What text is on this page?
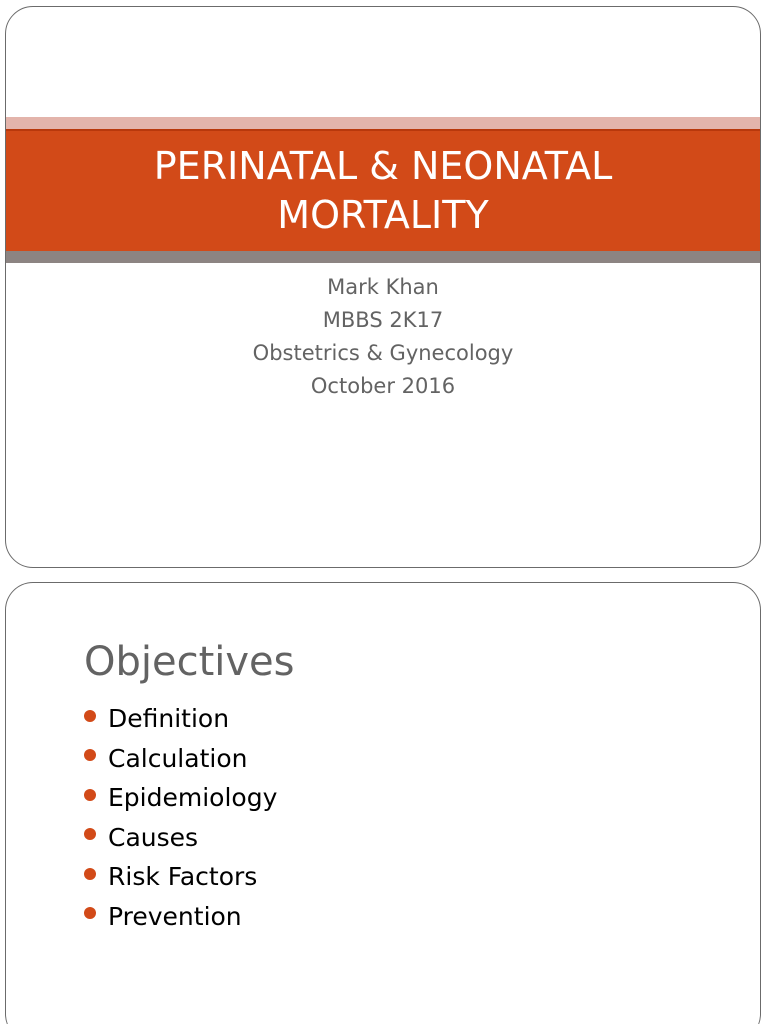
PERINATAL & NEONATAL MORTALITY
Mark Khan
MBBS 2K17
Obstetrics & Gynecology
October 2016
Objectives
Definition
Calculation
Epidemiology
Causes
Risk Factors
Prevention
